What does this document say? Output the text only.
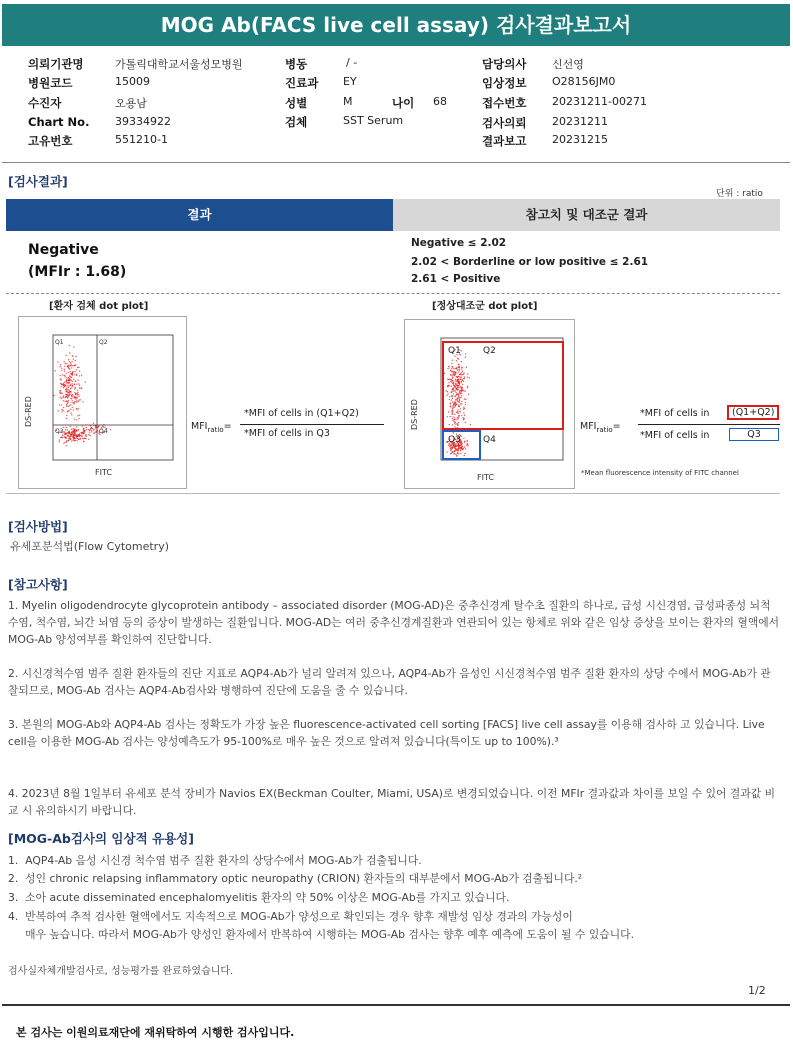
MOG Ab(FACS live cell assay) 검사결과보고서
의뢰기관명	가톨릭대학교서울성모병원
병원코드	15009
수진자	오용남
Chart No. 39334922
고유번호	551210-1
병동	/ -
진료과 EY
성별	M	나이 68
검체	SST Serum
담당의사 신선영
임상정보 O28156JM0
접수번호 20231211-00271
검사의뢰 20231211
결과보고 20231215
[검사결과]
단위 : ratio
결과	참고치 및 대조군 결과
Negative
(MFIr : 1.68)
Negative ≤ 2.02
2.02 < Borderline or low positive ≤ 2.61
2.61 < Positive
[환자 검체 dot plot]	[정상대조군 dot plot]
Q1	Q2
Q3	Q4
DS-RED
FITC
$MFI_{ratio}=$
*MFI of cells in (Q1+Q2)
*MFI of cells in Q3
Q1 Q2
Q3 Q4
DS-RED
FITC
$MFI_{ratio}=$
*MFI of cells in	(Q1+Q2)
*MFI of cells in	Q3
*Mean fluorescence intensity of FITC channel
[검사방법]
유세포분석법(Flow Cytometry)
[참고사항]
1. Myelin oligodendrocyte glycoprotein antibody – associated disorder (MOG-AD)은 중추신경계 탈수초 질환의 하나로, 급성 시신경염, 급성파종성 뇌척수염, 척수염, 뇌간 뇌염 등의 증상이 발생하는 질환입니다. MOG-AD는 여러 중추신경계질환과 연관되어 있는 항체로 위와 같은 임상 증상을 보이는 환자의 혈액에서 MOG-Ab 양성여부를 확인하여 진단합니다.
2. 시신경척수염 범주 질환 환자들의 진단 지표로 AQP4-Ab가 널리 알려져 있으나, AQP4-Ab가 음성인 시신경척수염 범주 질환 환자의 상당 수에서 MOG-Ab가 관찰되므로, MOG-Ab 검사는 AQP4-Ab검사와 병행하여 진단에 도움을 줄 수 있습니다.
3. 본원의 MOG-Ab와 AQP4-Ab 검사는 정확도가 가장 높은 fluorescence-activated cell sorting [FACS] live cell assay를 이용해 검사하 고 있습니다. Live cell을 이용한 MOG-Ab 검사는 양성예측도가 95-100%로 매우 높은 것으로 알려져 있습니다(특이도 up to 100%).³
4. 2023년 8월 1일부터 유세포 분석 장비가 Navios EX(Beckman Coulter, Miami, USA)로 변경되었습니다. 이전 MFIr 결과값과 차이를 보일 수 있어 결과값 비교 시 유의하시기 바랍니다.
[MOG-Ab검사의 임상적 유용성]
1.  AQP4-Ab 음성 시신경 척수염 범주 질환 환자의 상당수에서 MOG-Ab가 검출됩니다.
2.  성인 chronic relapsing inflammatory optic neuropathy (CRION) 환자들의 대부분에서 MOG-Ab가 검출됩니다.²
3.  소아 acute disseminated encephalomyelitis 환자의 약 50% 이상은 MOG-Ab를 가지고 있습니다.
4.  반복하여 추적 검사한 혈액에서도 지속적으로 MOG-Ab가 양성으로 확인되는 경우 향후 재발성 임상 경과의 가능성이
매우 높습니다. 따라서 MOG-Ab가 양성인 환자에서 반복하여 시행하는 MOG-Ab 검사는 향후 예후 예측에 도움이 될 수 있습니다.
검사실자체개발검사로, 성능평가를 완료하였습니다.
1/2
본 검사는 이원의료재단에 재위탁하여 시행한 검사입니다.
